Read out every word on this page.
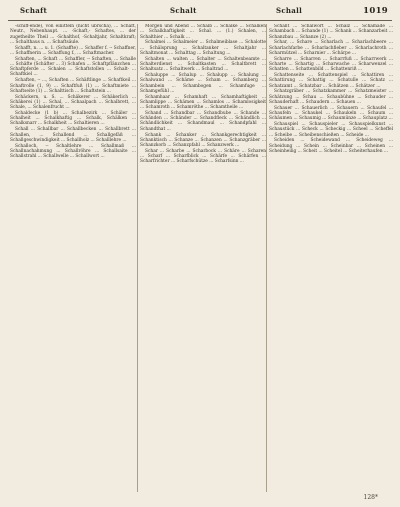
Schaft	Schalt	Schall	1019

-schiff-ende), von einitteln (nicht übrscha), ... Schaft, Neutr., Nebenhaupt. ... -Schaft,- Schaftes, ... der zugetheilte Theil ... -Schalthof, -Schaltjahr, Schaltkraft; ... Schalthaus n. ... Schaftsäule.

Schafft, n. ... u. 1. (Schaffte) ... Schaffer f. -- Schaffner, ... Schaffnerin ... Schaffung f., ... Schaftmacher.

Schaften, ... Schaft ... Schaffler, -- Schaften, ... Schalle ... Schäfte (Schäfter ... 3) Schafen ... Schaftpflänzchen ... Schaftpferde ... Schalen ... Schaftstollen ... Schalt- ... Schaftkiel ...

Schaften, -- ..., Schaften ... Schäftlinge ... Schaftkeil ... Schaftrolle (1, 9) ... Schaftfuß (1) ... Schaftmiete ... Schaftseite (1) ... Schalttisch ... Schaftstein ...

Schäckern, u. S. ... Schäkerer ... Schäkerlich ... Schäkerei (1) ... Schal, ... Schaalpach ... Schalbrett, ... Schale, ... Schalenfrucht ...

Schaldecke (1 b) ... Schalbezirk ... Schäler ... Schalheit ... Schalkhaftig ... Schalk, Schälken ... Schalksnarr ... Schalkheit ... Schaltieren ...

Schall ... Schallbar ... Schallbecken ... Schallbrett ... Schallen, ... Schallend ... Schallgefäß ... Schallgeschwindigkeit ... Schallholz ... Schalllehre ...

Schalloch, -- Schaltlehre ... Schallmaß ... Schallnachahmung ... Schallröhre ... Schallsaite ... Schallstrahl ... Schallwelle ... Schallwort ...

Morgen und Abend ... Schalb ... Schalke ... Schalken ... Schalkhaftigkeit ... Schal. ... (1.) Schalen, ... Schalthier ... Schalk ...

Schalmei ... Schalmeier ... Schalmeiblase ... Schalotte ... Schälsprung ... Schaltanker ... Schaltjahr ... Schaltmonat ... Schalttag ... Schaltung ...

Schalten ... walten ... Schalter ... Schaltenbeamte ... Schalterdienst ... Schaltkasten ... Schaltbrett ... Schaltsatz ... Schaltwerk ... Schaltrad ...

Schaluppe ... Schalup ... Schalupp ... Schalung ... Schalwand ... Schäme ... Scham ... Schamberg ... Schambein ... Schambogen ... Schamfuge ... Schamgefühl ...

Schamhaar ... Schamhaft ... Schamhaftigkeit ... Schamlippe ... Schämen ... Schamlos ... Schamlosigkeit ... Schamroth ... Schamröthe ... Schamtheile ...

Schand ... Schandbar ... Schandbube ... Schande ... Schänden ... Schänder ... Schandfleck ... Schändlich ... Schändlichkeit ... Schandmaul ... Schandpfahl ... Schandthat ...

Schank ... Schanker ... Schankgerechtigkeit ... Schanktisch ... Schanze ... Schanzen ... Schanzgräber ... Schanzkorb ... Schanzpfahl ... Schanzwerk ...

Schar ... Scharbe ... Scharbock ... Schäre ... Scharen ... Scharf ... Scharfblick ... Schärfe ... Schärfen ... Scharfrichter ... Scharfschütze ... Scharfsinn ...

Schallt ... Schalwort ... Schalz ... Schamade ... Schambach ... Schande (1) ... Schank ... Schanzarbeit ... Schanzbau ... Schanze (2) ...

Schar, ... Schare ... Scharlach ... Scharlachbeere ... Scharlachfarbe ... Scharlachfieber ... Scharlachroth ... Scharmützel ... Scharnier ... Schärpe ...

Scharre ... Scharren ... Scharrfuß ... Scharrwerk ... Scharte ... Schartig ... Scharwache ... Scharwenzel ... Schatten ... Schattenbild ... Schattenriß ...

Schattenseite ... Schattenspiel ... Schattiren ... Schattirung ... Schattig ... Schatulle ... Schatz ... Schatzamt ... Schatzbar ... Schätzen ... Schätzer ...

Schatzgräber ... Schatzkammer ... Schatzmeister ... Schätzung ... Schau ... Schaubühne ... Schauder ... Schauderhaft ... Schaudern ... Schauen ...

Schauer ... Schauerlich ... Schauern ... Schaufel ... Schaufeln ... Schaukel ... Schaukeln ... Schaum ... Schäumen ... Schaumig ... Schaumünze ... Schauplatz ...

Schauspiel ... Schauspieler ... Schauspielkunst ... Schaustück ... Scheck ... Scheckig ... Scheel ... Scheffel ... Scheibe ... Scheibenschießen ... Scheide ...

Scheiden ... Scheidewand ... Scheideweg ... Scheidung ... Schein ... Scheinbar ... Scheinen ... Scheinheilig ... Scheit ... Scheitel ... Scheiterhaufen ...

128*
